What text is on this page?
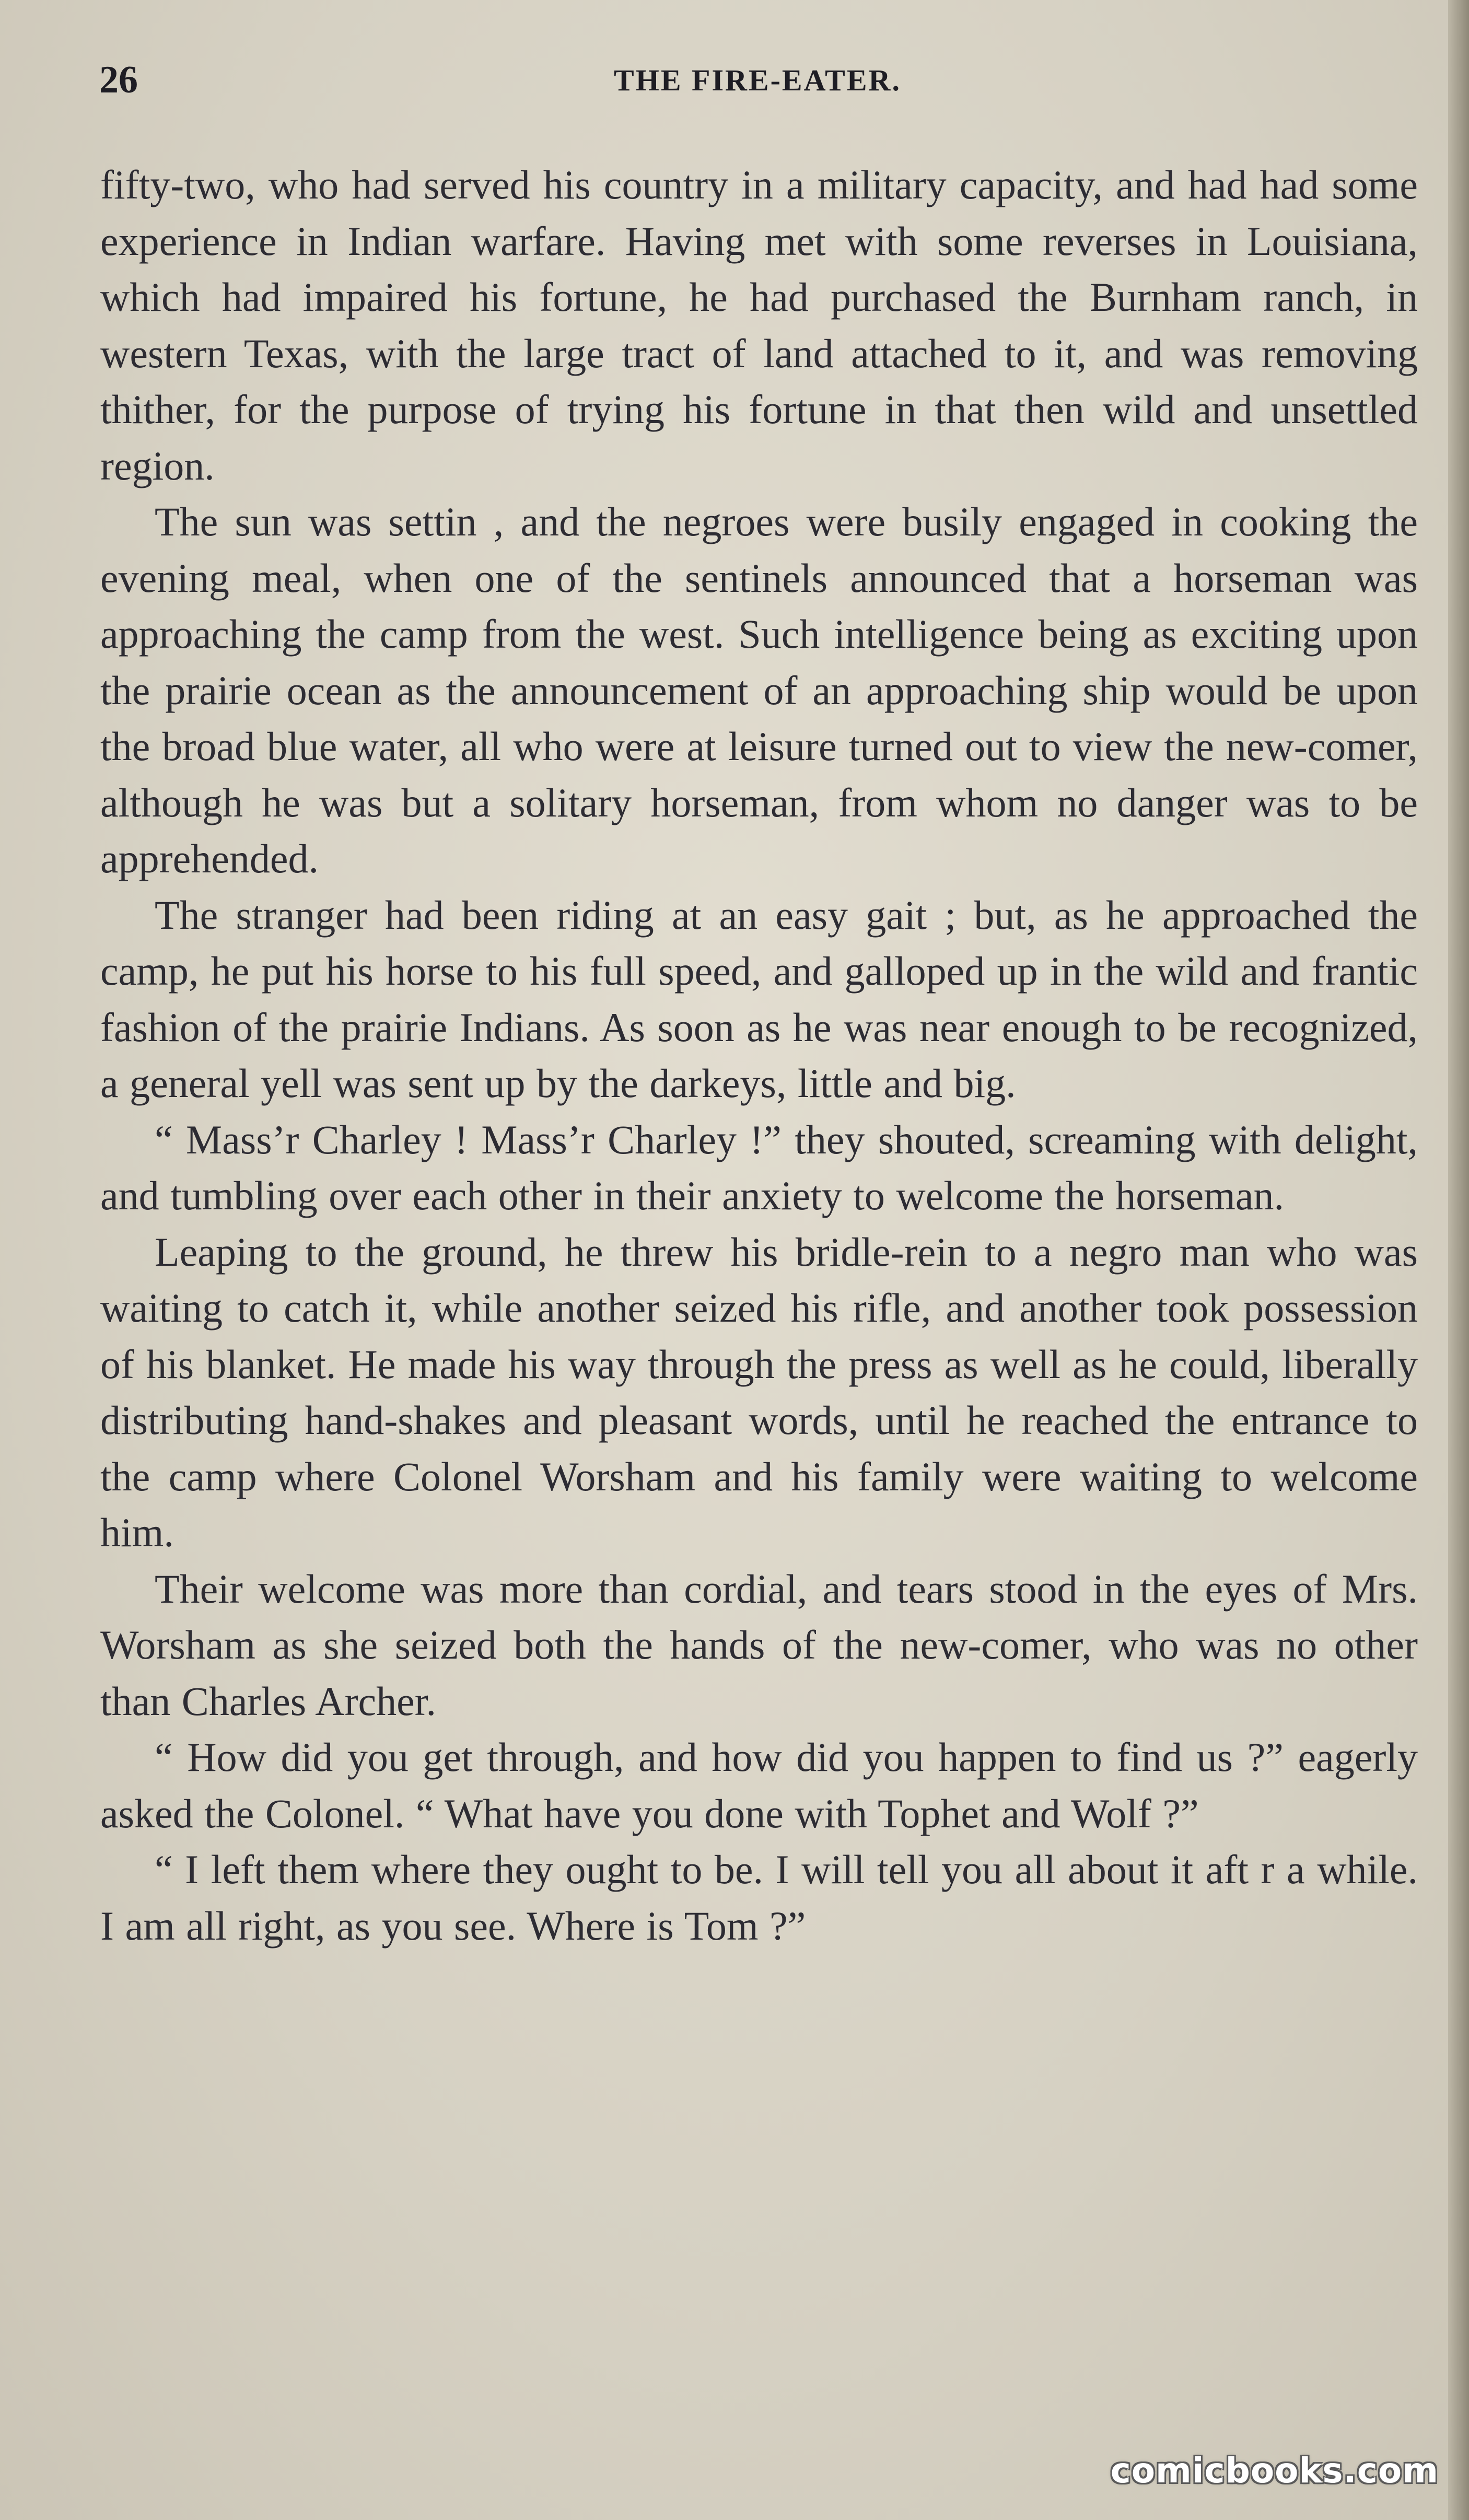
26	THE FIRE-EATER.

fifty-two, who had served his country in a military capacity, and had had some experience in Indian warfare. Having met with some reverses in Louisiana, which had impaired his fortune, he had purchased the Burnham ranch, in western Texas, with the large tract of land attached to it, and was removing thither, for the purpose of trying his fortune in that then wild and unsettled region.

The sun was settin , and the negroes were busily engaged in cooking the evening meal, when one of the sentinels announced that a horseman was approaching the camp from the west. Such intelligence being as exciting upon the prairie ocean as the announcement of an approaching ship would be upon the broad blue water, all who were at leisure turned out to view the new-comer, although he was but a solitary horseman, from whom no danger was to be apprehended.

The stranger had been riding at an easy gait ; but, as he approached the camp, he put his horse to his full speed, and galloped up in the wild and frantic fashion of the prairie Indians. As soon as he was near enough to be recognized, a general yell was sent up by the darkeys, little and big.

“ Mass’r Charley ! Mass’r Charley !” they shouted, screaming with delight, and tumbling over each other in their anxiety to welcome the horseman.

Leaping to the ground, he threw his bridle-rein to a negro man who was waiting to catch it, while another seized his rifle, and another took possession of his blanket. He made his way through the press as well as he could, liberally distributing hand-shakes and pleasant words, until he reached the entrance to the camp where Colonel Worsham and his family were waiting to welcome him.

Their welcome was more than cordial, and tears stood in the eyes of Mrs. Worsham as she seized both the hands of the new-comer, who was no other than Charles Archer.

“ How did you get through, and how did you happen to find us ?” eagerly asked the Colonel. “ What have you done with Tophet and Wolf ?”

“ I left them where they ought to be. I will tell you all about it aft r a while. I am all right, as you see. Where is Tom ?”

comicbooks.com
